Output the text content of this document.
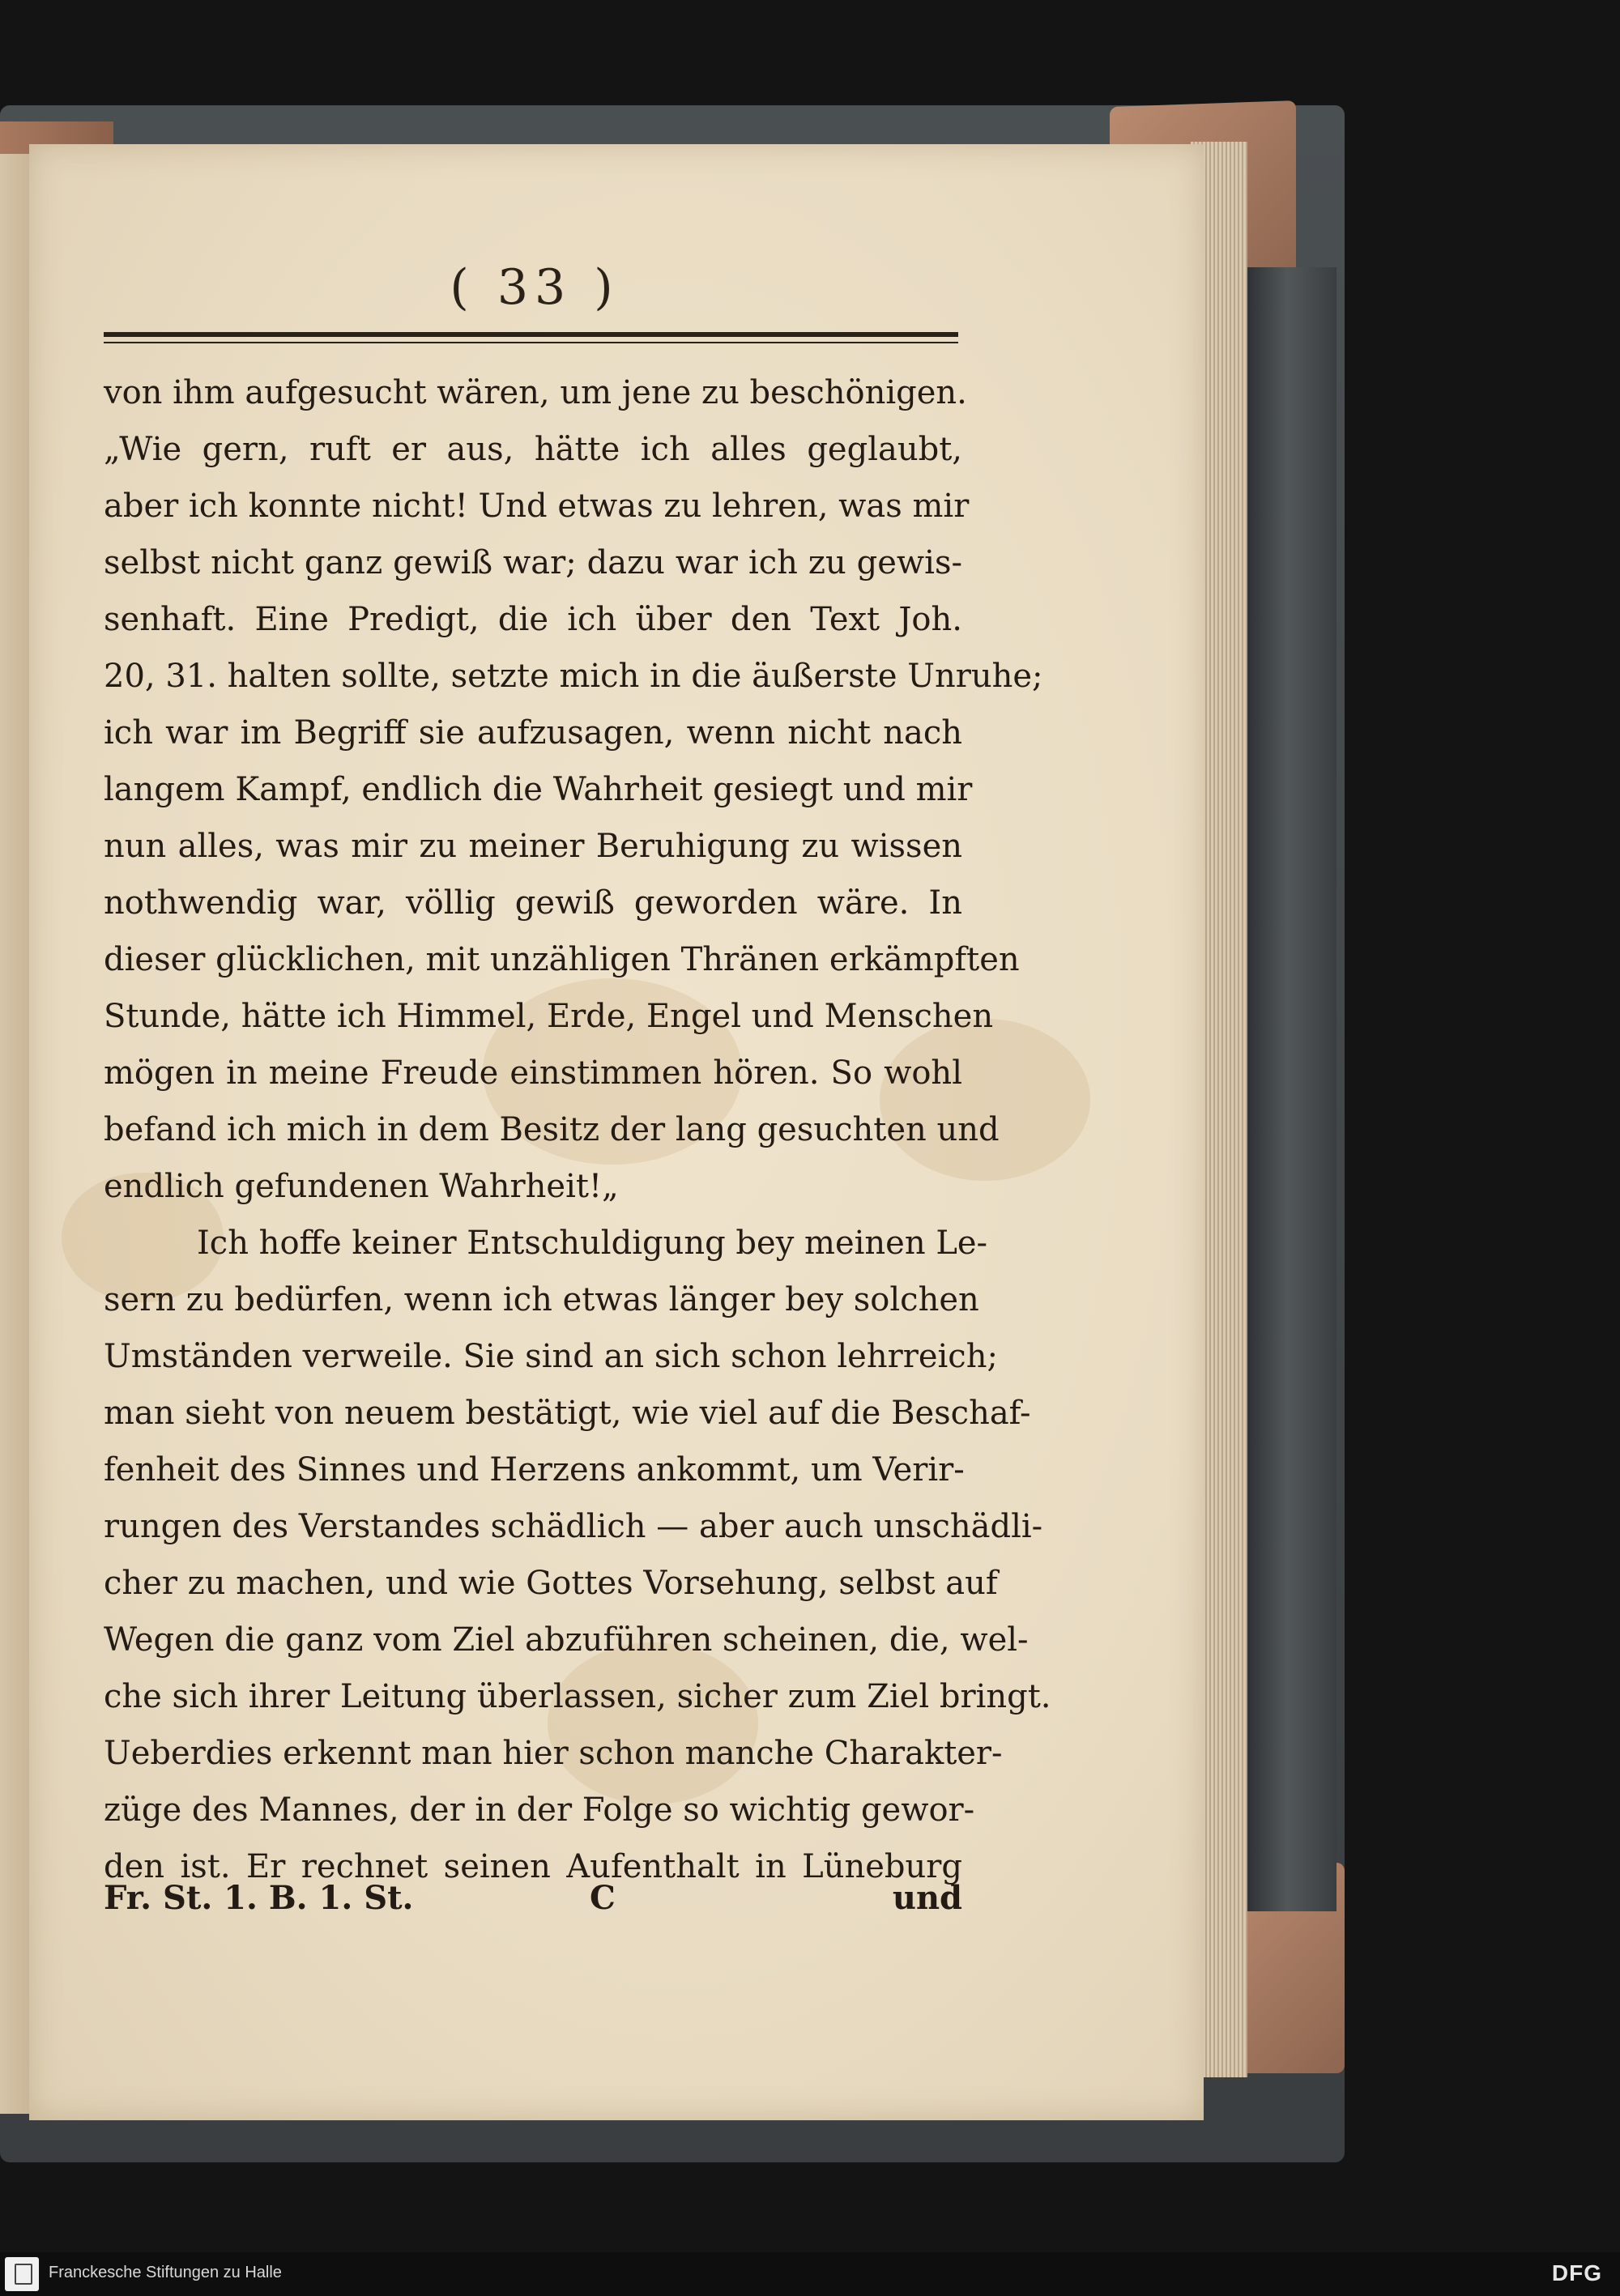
( 33 )
von ihm aufgesucht wären, um jene zu beschönigen.
„Wie gern, ruft er aus, hätte ich alles geglaubt,
aber ich konnte nicht! Und etwas zu lehren, was mir
selbst nicht ganz gewiß war; dazu war ich zu gewis-
senhaft. Eine Predigt, die ich über den Text Joh.
20, 31. halten sollte, setzte mich in die äußerste Unruhe;
ich war im Begriff sie aufzusagen, wenn nicht nach
langem Kampf, endlich die Wahrheit gesiegt und mir
nun alles, was mir zu meiner Beruhigung zu wissen
nothwendig war, völlig gewiß geworden wäre. In
dieser glücklichen, mit unzähligen Thränen erkämpften
Stunde, hätte ich Himmel, Erde, Engel und Menschen
mögen in meine Freude einstimmen hören. So wohl
befand ich mich in dem Besitz der lang gesuchten und
endlich gefundenen Wahrheit!„
Ich hoffe keiner Entschuldigung bey meinen Le-
sern zu bedürfen, wenn ich etwas länger bey solchen
Umständen verweile. Sie sind an sich schon lehrreich;
man sieht von neuem bestätigt, wie viel auf die Beschaf-
fenheit des Sinnes und Herzens ankommt, um Verir-
rungen des Verstandes schädlich — aber auch unschädli-
cher zu machen, und wie Gottes Vorsehung, selbst auf
Wegen die ganz vom Ziel abzuführen scheinen, die, wel-
che sich ihrer Leitung überlassen, sicher zum Ziel bringt.
Ueberdies erkennt man hier schon manche Charakter-
züge des Mannes, der in der Folge so wichtig gewor-
den ist. Er rechnet seinen Aufenthalt in Lüneburg
Fr. St. 1. B. 1. St.	C	und
Franckesche Stiftungen zu Halle	DFG
